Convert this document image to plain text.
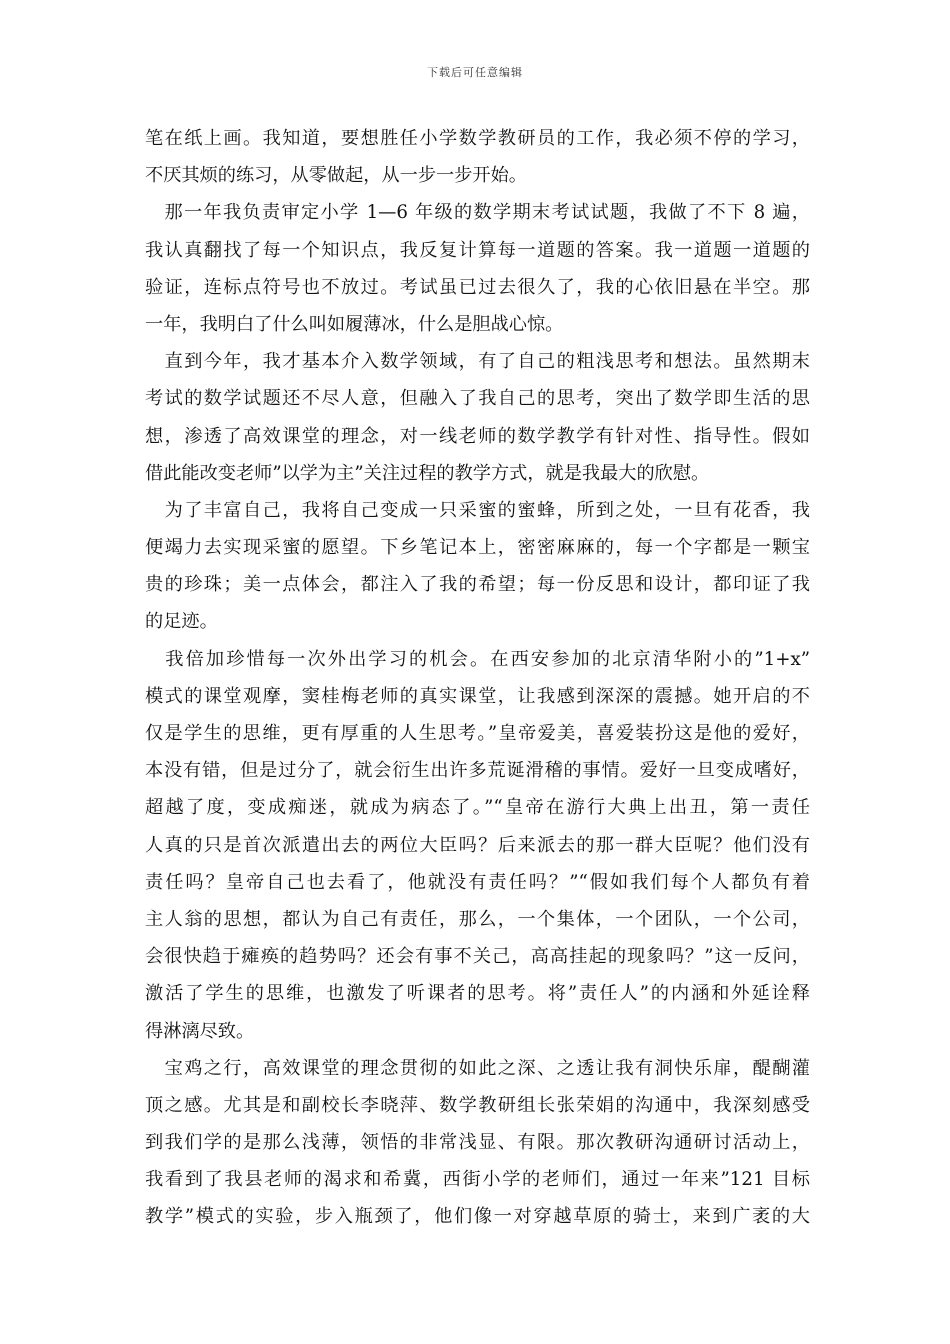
下载后可任意编辑
笔在纸上画。我知道，要想胜任小学数学教研员的工作，我必须不停的学习，
不厌其烦的练习，从零做起，从一步一步开始。
　那一年我负责审定小学 1—6 年级的数学期末考试试题，我做了不下 8 遍，
我认真翻找了每一个知识点，我反复计算每一道题的答案。我一道题一道题的
验证，连标点符号也不放过。考试虽已过去很久了，我的心依旧悬在半空。那
一年，我明白了什么叫如履薄冰，什么是胆战心惊。
　直到今年，我才基本介入数学领域，有了自己的粗浅思考和想法。虽然期末
考试的数学试题还不尽人意，但融入了我自己的思考，突出了数学即生活的思
想，渗透了高效课堂的理念，对一线老师的数学教学有针对性、指导性。假如
借此能改变老师”以学为主”关注过程的教学方式，就是我最大的欣慰。
　为了丰富自己，我将自己变成一只采蜜的蜜蜂，所到之处，一旦有花香，我
便竭力去实现采蜜的愿望。下乡笔记本上，密密麻麻的，每一个字都是一颗宝
贵的珍珠；美一点体会，都注入了我的希望；每一份反思和设计，都印证了我
的足迹。
　我倍加珍惜每一次外出学习的机会。在西安参加的北京清华附小的”1+x”
模式的课堂观摩，窦桂梅老师的真实课堂，让我感到深深的震撼。她开启的不
仅是学生的思维，更有厚重的人生思考。”皇帝爱美，喜爱装扮这是他的爱好，
本没有错，但是过分了，就会衍生出许多荒诞滑稽的事情。爱好一旦变成嗜好，
超越了度，变成痴迷，就成为病态了。”“皇帝在游行大典上出丑，第一责任
人真的只是首次派遣出去的两位大臣吗？后来派去的那一群大臣呢？他们没有
责任吗？皇帝自己也去看了，他就没有责任吗？”“假如我们每个人都负有着
主人翁的思想，都认为自己有责任，那么，一个集体，一个团队，一个公司，
会很快趋于瘫痪的趋势吗？还会有事不关己，高高挂起的现象吗？”这一反问，
激活了学生的思维，也激发了听课者的思考。将”责任人”的内涵和外延诠释
得淋漓尽致。
　宝鸡之行，高效课堂的理念贯彻的如此之深、之透让我有洞快乐扉，醍醐灌
顶之感。尤其是和副校长李晓萍、数学教研组长张荣娟的沟通中，我深刻感受
到我们学的是那么浅薄，领悟的非常浅显、有限。那次教研沟通研讨活动上，
我看到了我县老师的渴求和希冀，西街小学的老师们，通过一年来”121 目标
教学”模式的实验，步入瓶颈了，他们像一对穿越草原的骑士，来到广袤的大
